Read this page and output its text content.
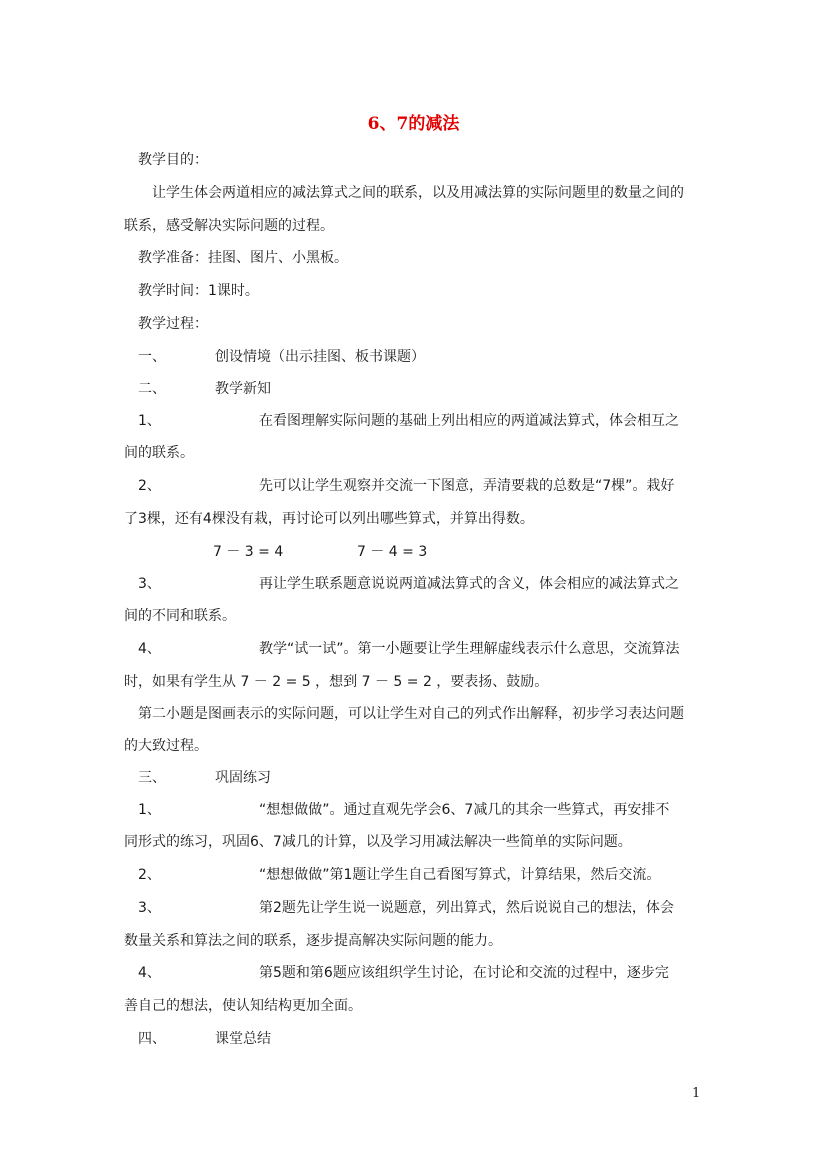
6、7的减法
教学目的：
让学生体会两道相应的减法算式之间的联系，以及用减法算的实际问题里的数量之间的
联系，感受解决实际问题的过程。
教学准备：挂图、图片、小黑板。
教学时间：1课时。
教学过程：
一、	创设情境（出示挂图、板书课题）
二、	教学新知
1、	在看图理解实际问题的基础上列出相应的两道减法算式，体会相互之
间的联系。
2、	先可以让学生观察并交流一下图意，弄清要栽的总数是“7棵”。栽好
了3棵，还有4棵没有栽，再讨论可以列出哪些算式，并算出得数。
7 － 3 = 4	7 － 4 = 3
3、	再让学生联系题意说说两道减法算式的含义，体会相应的减法算式之
间的不同和联系。
4、	教学“试一试”。第一小题要让学生理解虚线表示什么意思，交流算法
时，如果有学生从 7 － 2 = 5 ，想到 7 － 5 = 2 ，要表扬、鼓励。
第二小题是图画表示的实际问题，可以让学生对自己的列式作出解释，初步学习表达问题
的大致过程。
三、	巩固练习
1、	“想想做做”。通过直观先学会6、7减几的其余一些算式，再安排不
同形式的练习，巩固6、7减几的计算，以及学习用减法解决一些简单的实际问题。
2、	“想想做做”第1题让学生自己看图写算式，计算结果，然后交流。
3、	第2题先让学生说一说题意，列出算式，然后说说自己的想法，体会
数量关系和算法之间的联系，逐步提高解决实际问题的能力。
4、	第5题和第6题应该组织学生讨论，在讨论和交流的过程中，逐步完
善自己的想法，使认知结构更加全面。
四、	课堂总结
1
